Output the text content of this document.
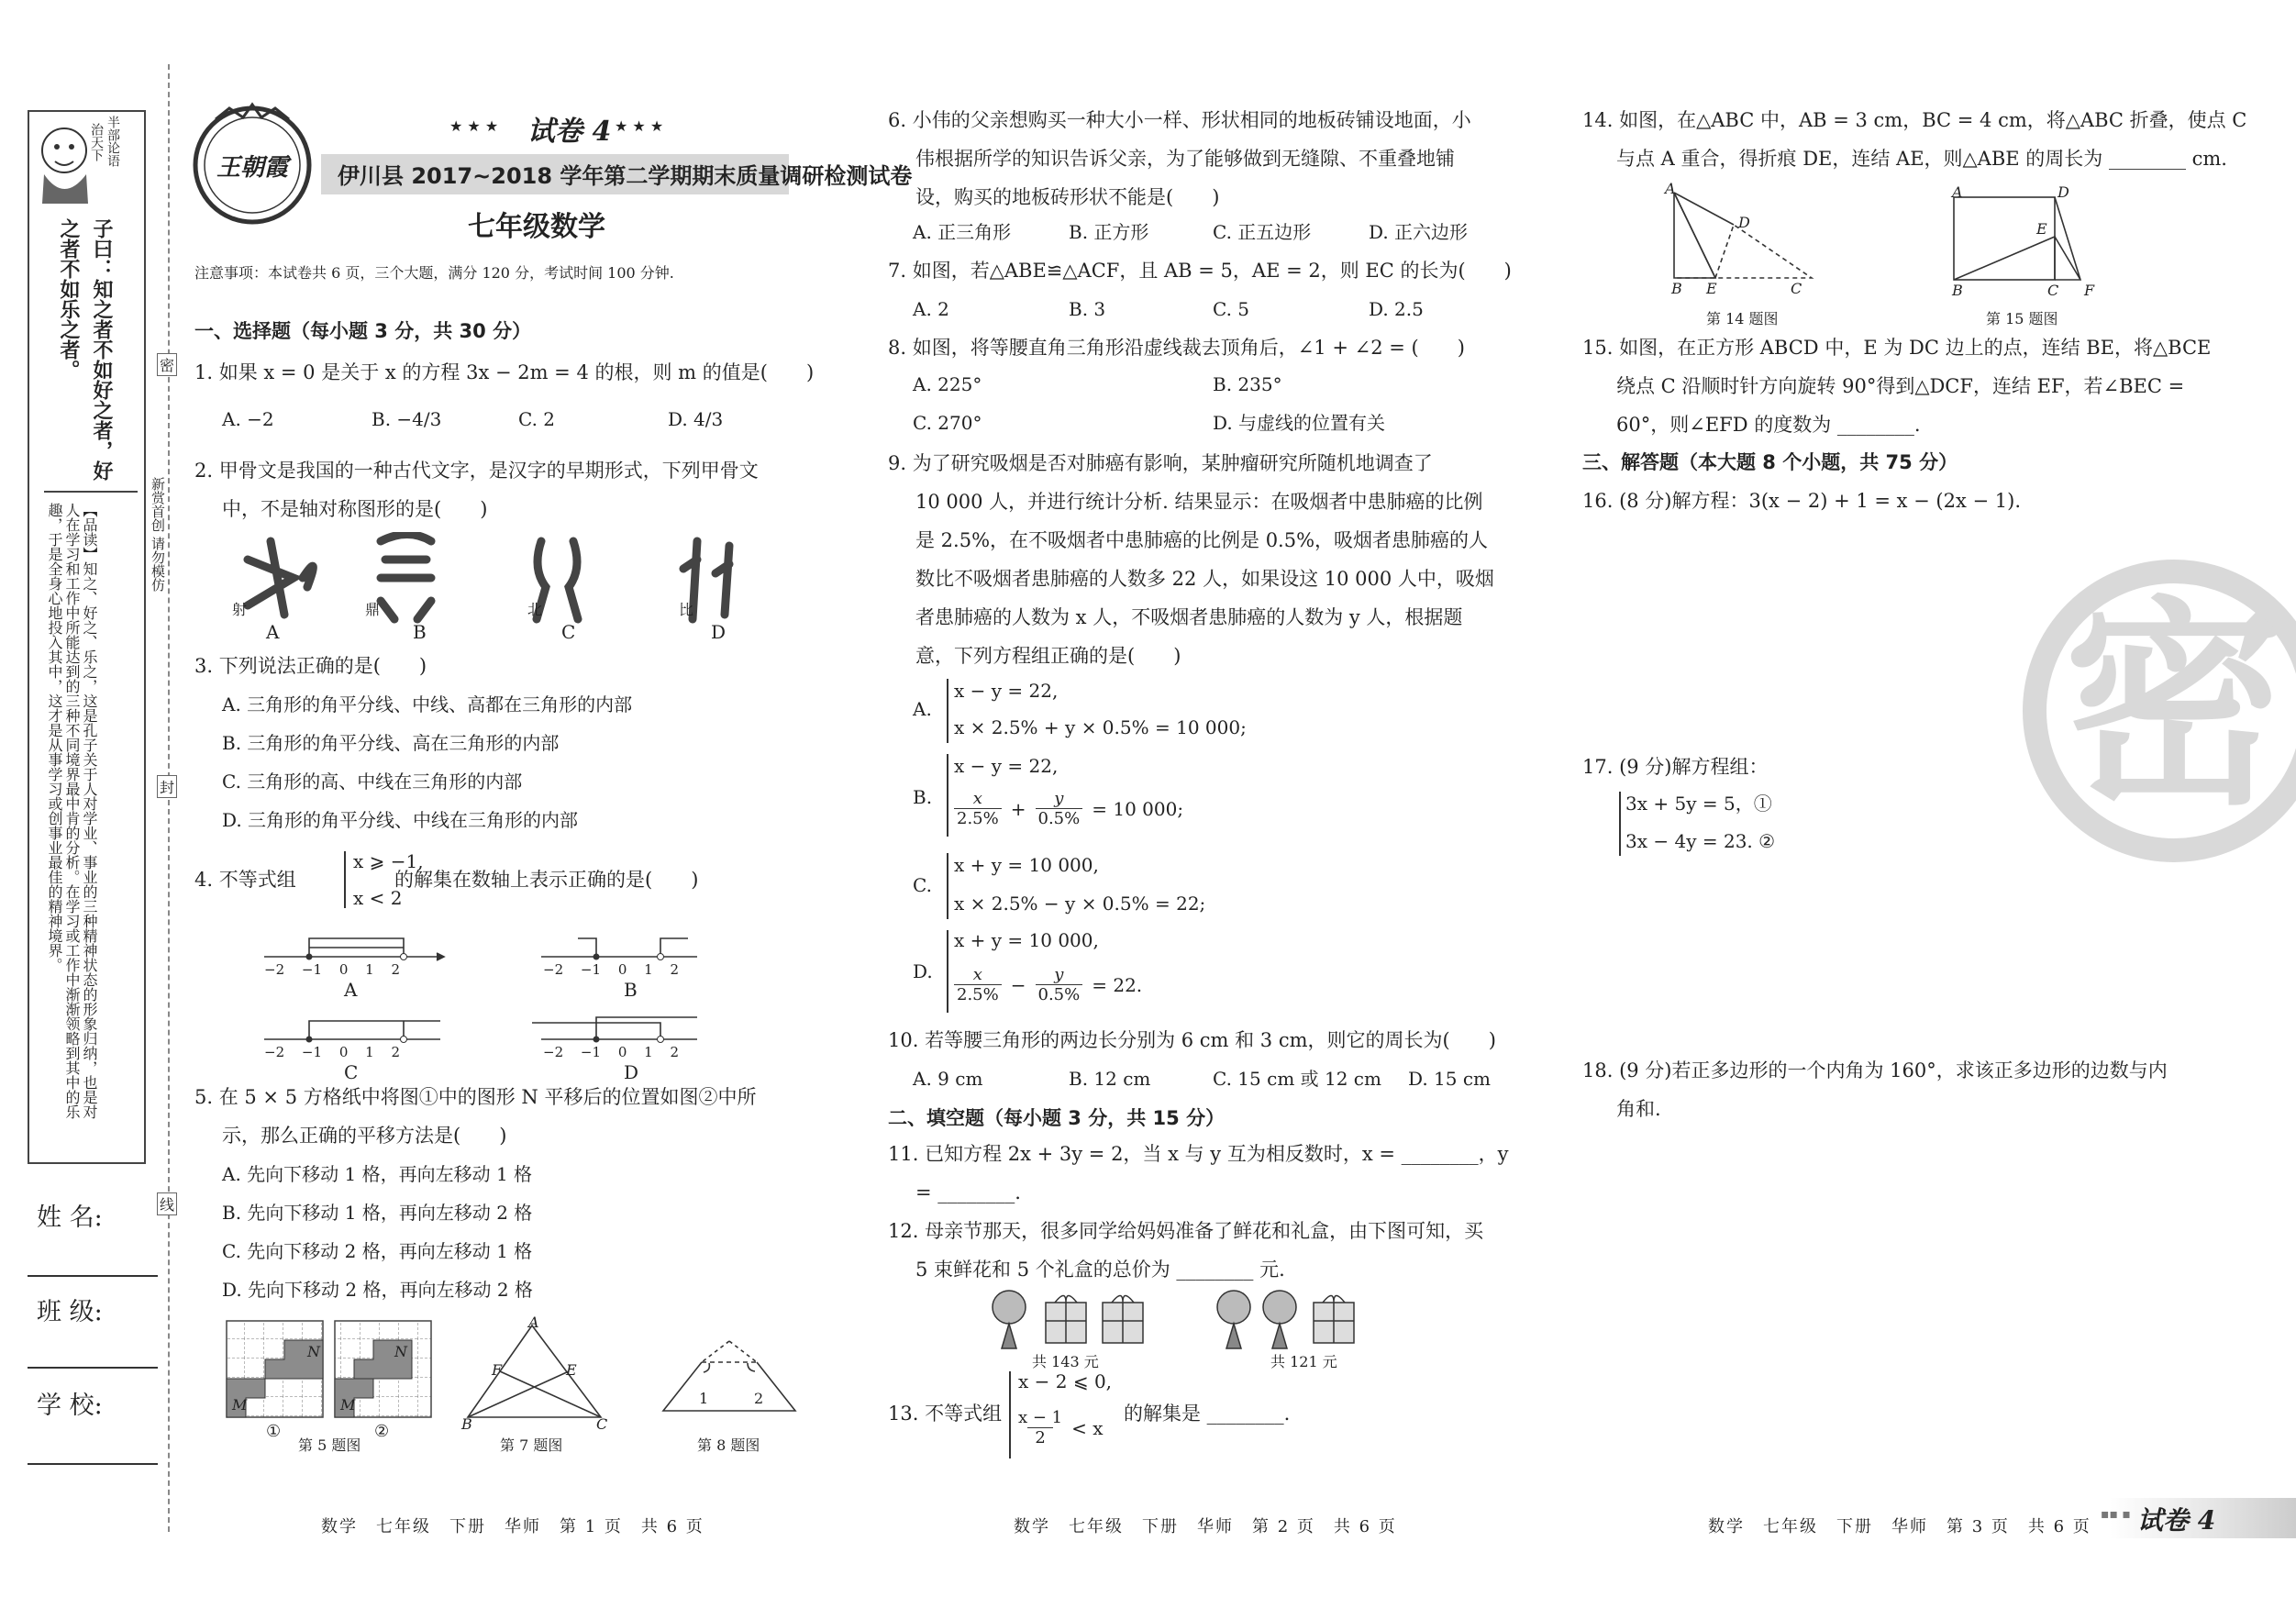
半部论语
治天下
子曰：知之者不如好之者，好之者不如乐之者。
【品读】知之、好之、乐之，这是孔子关于人对学业、事业的三种精神状态的形象归纳，也是对人在学习和工作中所能达到的三种不同境界最中肯的分析。在学习或工作中渐渐领略到其中的乐趣，于是全身心地投入其中，这才是从事学习或创事业最佳的精神境界。	新赏首创 请勿模仿
密
封
线
姓 名:
班 级:
学 校:
王朝霞
★ ★ ★ 试卷 4 ★ ★ ★
伊川县 2017~2018 学年第二学期期末质量调研检测试卷
七年级数学
注意事项：本试卷共 6 页，三个大题，满分 120 分，考试时间 100 分钟.
一、选择题（每小题 3 分，共 30 分）
1. 如果 x = 0 是关于 x 的方程 3x − 2m = 4 的根，则 m 的值是(　　)
A. −2	B. −4/3	C. 2	D. 4/3
2. 甲骨文是我国的一种古代文字，是汉字的早期形式，下列甲骨文
中，不是轴对称图形的是(　　)
射	鼎	北	比
A	B	C	D
3. 下列说法正确的是(　　)
A. 三角形的角平分线、中线、高都在三角形的内部
B. 三角形的角平分线、高在三角形的内部
C. 三角形的高、中线在三角形的内部
D. 三角形的角平分线、中线在三角形的内部
4. 不等式组
x ⩾ −1,
x < 2
的解集在数轴上表示正确的是(　　)
−2 −1 0 1 2	−2 −1 0 1 2
−2 −1 0 1 2	−2 −1 0 1 2
A	B
C	D
5. 在 5 × 5 方格纸中将图①中的图形 N 平移后的位置如图②中所
示，那么正确的平移方法是(　　)
A. 先向下移动 1 格，再向左移动 1 格
B. 先向下移动 1 格，再向左移动 2 格
C. 先向下移动 2 格，再向左移动 1 格
D. 先向下移动 2 格，再向左移动 2 格
N
M
N
M
①	②
第 5 题图
A
F	E
B	C
第 7 题图
1	2
第 8 题图
数学　七年级　下册　华师　第 1 页　共 6 页
6. 小伟的父亲想购买一种大小一样、形状相同的地板砖铺设地面，小
伟根据所学的知识告诉父亲，为了能够做到无缝隙、不重叠地铺
设，购买的地板砖形状不能是(　　)
A. 正三角形	B. 正方形	C. 正五边形	D. 正六边形
7. 如图，若△ABE≌△ACF，且 AB = 5，AE = 2，则 EC 的长为(　　)
A. 2	B. 3	C. 5	D. 2.5
8. 如图，将等腰直角三角形沿虚线裁去顶角后，∠1 + ∠2 = (　　)
A. 225°	B. 235°
C. 270°	D. 与虚线的位置有关
9. 为了研究吸烟是否对肺癌有影响，某肿瘤研究所随机地调查了
10 000 人，并进行统计分析. 结果显示：在吸烟者中患肺癌的比例
是 2.5%，在不吸烟者中患肺癌的比例是 0.5%，吸烟者患肺癌的人
数比不吸烟者患肺癌的人数多 22 人，如果设这 10 000 人中，吸烟
者患肺癌的人数为 x 人，不吸烟者患肺癌的人数为 y 人，根据题
意，下列方程组正确的是(　　)
A.
x − y = 22,
x × 2.5% + y × 0.5% = 10 000;
B.
x − y = 22,
$\frac{x}{2.5\%} + \frac{y}{0.5\%} = 10$ 000;
C.
x + y = 10 000,
x × 2.5% − y × 0.5% = 22;
D.
x + y = 10 000,
$\frac{x}{2.5\%} - \frac{y}{0.5\%} = 22$.
10. 若等腰三角形的两边长分别为 6 cm 和 3 cm，则它的周长为(　　)
A. 9 cm	B. 12 cm	C. 15 cm 或 12 cm D. 15 cm
二、填空题（每小题 3 分，共 15 分）
11. 已知方程 2x + 3y = 2，当 x 与 y 互为相反数时，x = ________，y
= ________.
12. 母亲节那天，很多同学给妈妈准备了鲜花和礼盒，由下图可知，买
5 束鲜花和 5 个礼盒的总价为 ________ 元.
共 143 元	共 121 元
13. 不等式组
x − 2 ⩽ 0,
$\frac{x - 1}{2} < x$
的解集是 ________.
数学　七年级　下册　华师　第 2 页　共 6 页
14. 如图，在△ABC 中，AB = 3 cm，BC = 4 cm，将△ABC 折叠，使点 C
与点 A 重合，得折痕 DE，连结 AE，则△ABE 的周长为 ________ cm.
A
D
B E	C
第 14 题图
A	D
E
B	C F
第 15 题图
15. 如图，在正方形 ABCD 中，E 为 DC 边上的点，连结 BE，将△BCE
绕点 C 沿顺时针方向旋转 90°得到△DCF，连结 EF，若∠BEC =
60°，则∠EFD 的度数为 ________.
三、解答题（本大题 8 个小题，共 75 分）
16. (8 分)解方程：3(x − 2) + 1 = x − (2x − 1).
17. (9 分)解方程组：
3x + 5y = 5，①
3x − 4y = 23. ②
18. (9 分)若正多边形的一个内角为 160°，求该正多边形的边数与内
角和.
密
数学　七年级　下册　华师　第 3 页　共 6 页
▪▪ ▪ 试卷 4
